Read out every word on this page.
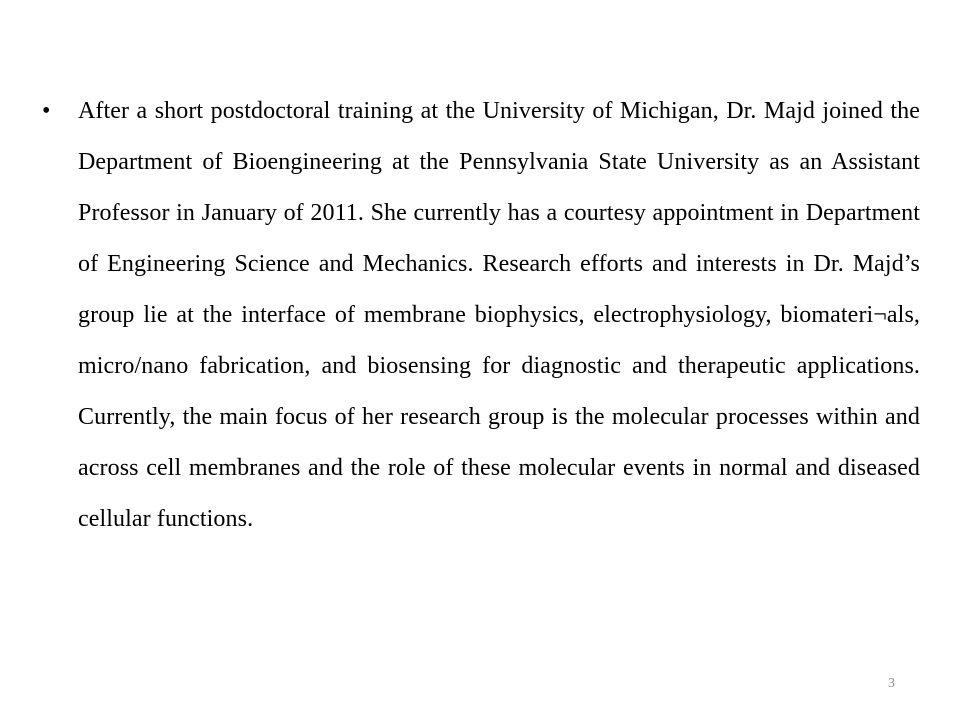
•	After a short postdoctoral training at the University of Michigan, Dr. Majd joined the Department of Bioengineering at the Pennsylvania State University as an Assistant Professor in January of 2011. She currently has a courtesy appointment in Department of Engineering Science and Mechanics. Research efforts and interests in Dr. Majd’s group lie at the interface of membrane biophysics, electrophysiology, biomateri¬als, micro/nano fabrication, and biosensing for diagnostic and therapeutic applications. Currently, the main focus of her research group is the molecular processes within and across cell membranes and the role of these molecular events in normal and diseased cellular functions.
3
